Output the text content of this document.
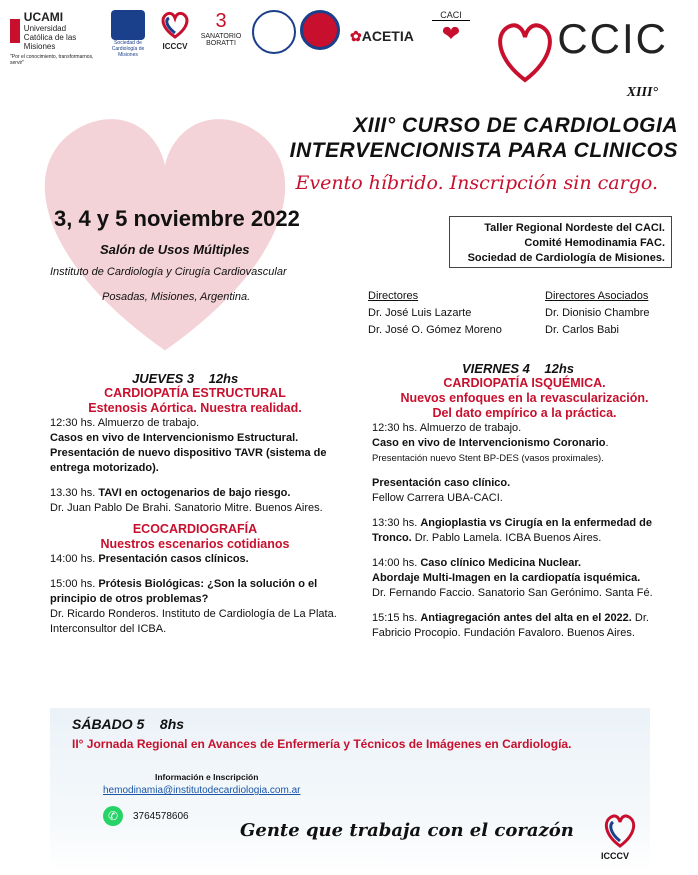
UCAMI
Universidad Católica de las Misiones
"Por el conocimiento, transformarnos, servir"
Sociedad de Cardiología de Misiones
ICCCV
3
SANATORIO
BORATTI	✿ACETIA
CACI
❤ CCIC
XIII°
XIII° CURSO DE CARDIOLOGIA
INTERVENCIONISTA PARA CLINICOS
Evento híbrido. Inscripción sin cargo.
3, 4 y 5 noviembre 2022
Salón de Usos Múltiples
Instituto de Cardiología y Cirugía Cardiovascular
Posadas, Misiones, Argentina.
Taller Regional Nordeste del CACI.
Comité Hemodinamia FAC.
Sociedad de Cardiología de Misiones.
Directores
Dr. José Luis Lazarte
Dr. José O. Gómez Moreno
Directores Asociados
Dr. Dionisio Chambre
Dr. Carlos Babi
JUEVES 3    12hs
CARDIOPATÍA ESTRUCTURAL
Estenosis Aórtica. Nuestra realidad.
12:30 hs. Almuerzo de trabajo.
Casos en vivo de Intervencionismo Estructural.
Presentación de nuevo dispositivo TAVR (sistema de entrega motorizado).
13.30 hs. TAVI en octogenarios de bajo riesgo.
Dr. Juan Pablo De Brahi. Sanatorio Mitre. Buenos Aires.
ECOCARDIOGRAFÍA
Nuestros escenarios cotidianos
14:00 hs. Presentación casos clínicos.
15:00 hs. Prótesis Biológicas: ¿Son la solución o el principio de otros problemas?
Dr. Ricardo Ronderos. Instituto de Cardiología de La Plata. Interconsultor del ICBA.
VIERNES 4    12hs
CARDIOPATÍA ISQUÉMICA.
Nuevos enfoques en la revascularización.
Del dato empírico a la práctica.
12:30 hs. Almuerzo de trabajo.
Caso en vivo de Intervencionismo Coronario.
Presentación nuevo Stent BP-DES (vasos proximales).
Presentación caso clínico.
Fellow Carrera UBA-CACI.
13:30 hs. Angioplastia vs Cirugía en la enfermedad de Tronco. Dr. Pablo Lamela. ICBA Buenos Aires.
14:00 hs. Caso clínico Medicina Nuclear.
Abordaje Multi-Imagen en la cardiopatía isquémica.
Dr. Fernando Faccio. Sanatorio San Gerónimo. Santa Fé.
15:15 hs. Antiagregación antes del alta en el 2022. Dr. Fabricio Procopio. Fundación Favaloro. Buenos Aires.
SÁBADO 5    8hs
II° Jornada Regional en Avances de Enfermería y Técnicos de Imágenes en Cardiología.
Información e Inscripción
hemodinamia@institutodecardiologia.com.ar
✆	3764578606
Gente que trabaja con el corazón
ICCCV
